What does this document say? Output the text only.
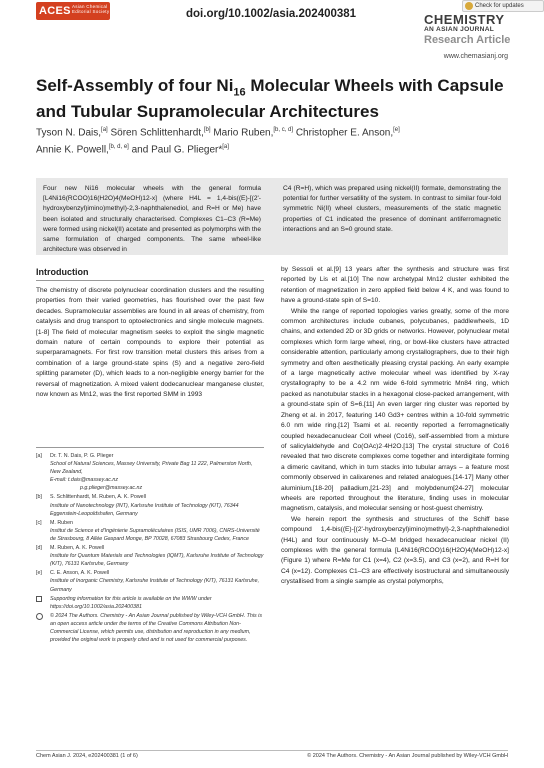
ACES Asian Chemical Editorial Society	doi.org/10.1002/asia.202400381
Check for updates
CHEMISTRY
AN ASIAN JOURNAL
Research Article
www.chemasianj.org
Self-Assembly of four $Ni_{16}$ Molecular Wheels with Capsule
and Tubular Supramolecular Architectures
Tyson N. Dais,[a] Sören Schlittenhardt,[b] Mario Ruben,[b, c, d] Christopher E. Anson,[e]
Annie K. Powell,[b, d, e] and Paul G. Plieger*[a]
Four new Ni16 molecular wheels with the general formula [L4Ni16(RCOO)16(H2O)4(MeOH)12-x] (where H4L = 1,4-bis((E)-[(2'-hydroxybenzyl)imino)methyl)-2,3-naphthalenediol, and R=H or Me) have been isolated and structurally characterised. Complexes C1–C3 (R=Me) were formed using nickel(II) acetate and presented as polymorphs with the same formulation of charged components. The same wheel-like architecture was observed in
C4 (R=H), which was prepared using nickel(II) formate, demonstrating the potential for further versatility of the system. In contrast to similar four-fold symmetric Ni(II) wheel clusters, measurements of the static magnetic properties of C1 indicated the presence of dominant antiferromagnetic interactions and an S=0 ground state.
Introduction

The chemistry of discrete polynuclear coordination clusters and the resulting properties from their varied geometries, has flourished over the past few decades. Supramolecular assemblies are found in all areas of chemistry, from catalysis and drug transport to optoelectronics and single molecule magnets.[1-8] The field of molecular magnetism seeks to exploit the single magnetic domain nature of certain compounds to explore their potential as superparamagnets. For first row transition metal clusters this arises from a combination of a large ground-state spins (S) and a negative zero-field splitting parameter (D), which leads to a non-negligible energy barrier for the reversal of magnetization. A mixed valent dodecanuclear manganese cluster, now known as Mn12, was the first reported SMM in 1993

by Sessoli et al.[9] 13 years after the synthesis and structure was first reported by Lis et al.[10] The now archetypal Mn12 cluster exhibited the retention of magnetization in zero applied field below 4 K, and was found to have a ground-state spin of S=10.

While the range of reported topologies varies greatly, some of the more common architectures include cubanes, polycubanes, paddlewheels, 1D chains, and extended 2D or 3D grids or networks. However, polynuclear metal complexes which form large wheel, ring, or bowl-like clusters have attracted considerable attention, particularly among crystallographers, due to their high symmetry and often aesthetically pleasing crystal packing. An early example of a large magnetically active molecular wheel was identified by X-ray crystallography to be a 4.2 nm wide 6-fold symmetric Mn84 ring, which packed as nanotubular stacks in a hexagonal close-packed arrangement, with a ground-state spin of S=6.[11] An even larger ring cluster was reported by Zheng et al. in 2017, featuring 140 Gd3+ centres within a 10-fold symmetric 6.0 nm wide ring.[12] Tsami et al. recently reported a ferromagnetically coupled hexadecanuclear CoII wheel (Co16), self-assembled from a mixture of salicylaldehyde and Co(OAc)2·4H2O.[13] The crystal structure of Co16 revealed that two discrete complexes come together and interdigitate forming a dimeric cavitand, which in turn stacks into tubular arrays – a feature most commonly observed in calixarenes and related analogues.[14-17] Many other aluminium,[18-20] palladium,[21-23] and molybdenum[24-27] molecular wheels are reported throughout the literature, finding uses in molecular magnetism, catalysis, and molecular sensing or host-guest chemistry.

We herein report the synthesis and structures of the Schiff base compound 1,4-bis((E)-[(2'-hydroxybenzyl)imino)methyl)-2,3-naphthalenediol (H4L) and four continuously M–O–M bridged hexadecanuclear nickel (II) complexes with the general formula [L4Ni16(RCOO)16(H2O)4(MeOH)12-x] (Figure 1) where R=Me for C1 (x=4), C2 (x=3.5), and C3 (x=2), and R=H for C4 (x=12). Complexes C1–C3 are effectively isostructural and simultaneously crystallised from a single sample as crystal polymorphs,

[a] Dr. T. N. Dais, P. G. Plieger
School of Natural Sciences, Massey University, Private Bag 11 222, Palmerston North, New Zealand,
E-mail: t.dais@massey.ac.nz
p.g.plieger@massey.ac.nz
[b] S. Schlittenhardt, M. Ruben, A. K. Powell
Institute of Nanotechnology (INT), Karlsruhe Institute of Technology (KIT), 76344 Eggenstein-Leopoldshafen, Germany
[c] M. Ruben
Institut de Science et d'Ingénierie Supramoléculaires (ISIS, UMR 7006), CNRS-Université de Strasbourg, 8 Allée Gaspard Monge, BP 70028, 67083 Strasbourg Cedex, France
[d] M. Ruben, A. K. Powell
Institute for Quantum Materials and Technologies (IQMT), Karlsruhe Institute of Technology (KIT), 76131 Karlsruhe, Germany
[e] C. E. Anson, A. K. Powell
Institute of Inorganic Chemistry, Karlsruhe Institute of Technology (KIT), 76131 Karlsruhe, Germany
Supporting information for this article is available on the WWW under https://doi.org/10.1002/asia.202400381
© 2024 The Authors. Chemistry - An Asian Journal published by Wiley-VCH GmbH. This is an open access article under the terms of the Creative Commons Attribution Non-Commercial License, which permits use, distribution and reproduction in any medium, provided the original work is properly cited and is not used for commercial purposes.
Chem Asian J. 2024, e202400381 (1 of 6)	© 2024 The Authors. Chemistry - An Asian Journal published by Wiley-VCH GmbH
